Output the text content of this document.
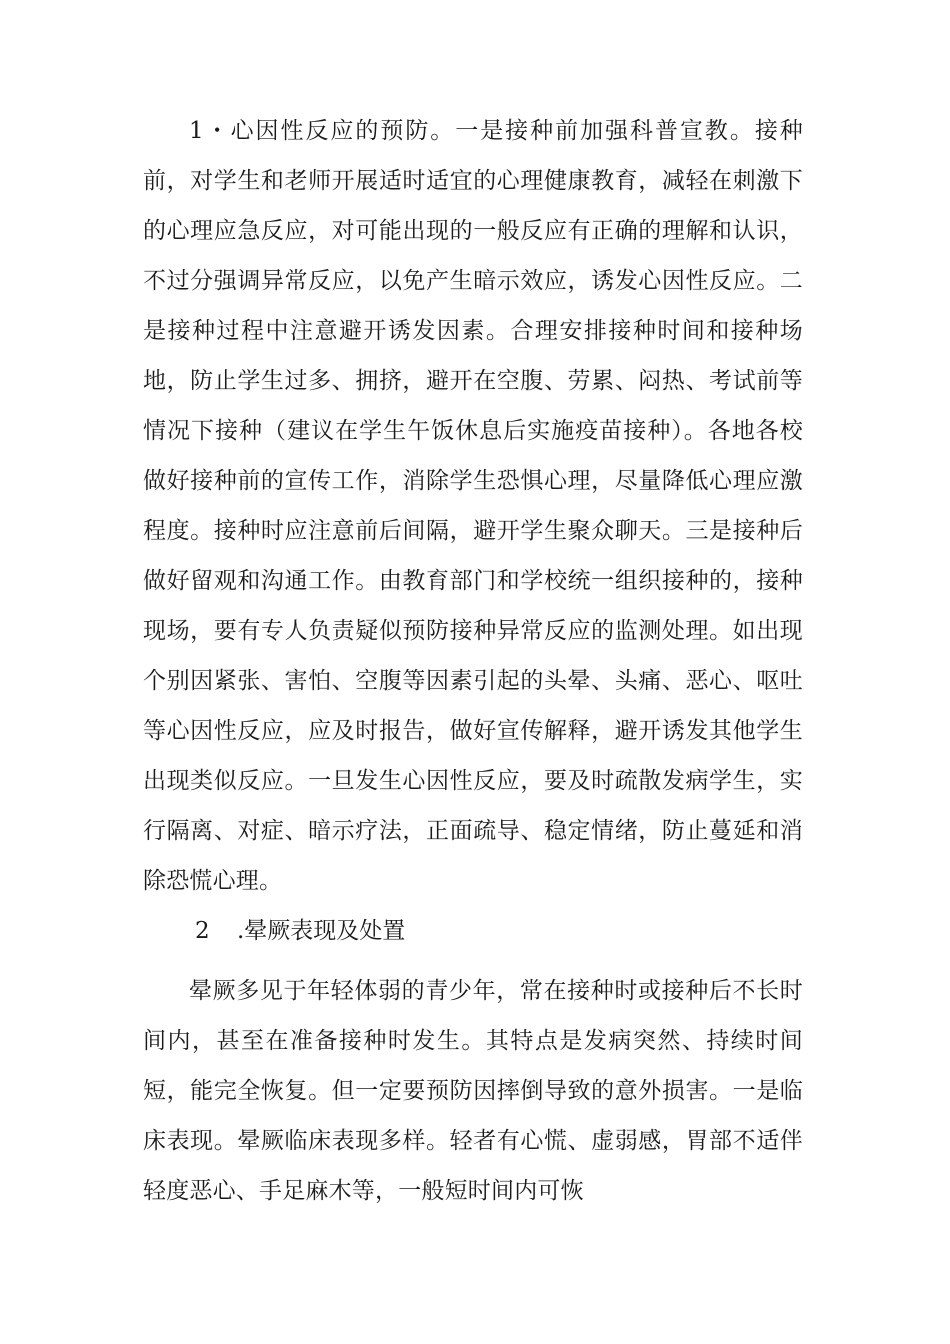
1・心因性反应的预防。一是接种前加强科普宣教。接种前，对学生和老师开展适时适宜的心理健康教育，减轻在刺激下的心理应急反应，对可能出现的一般反应有正确的理解和认识，不过分强调异常反应，以免产生暗示效应，诱发心因性反应。二是接种过程中注意避开诱发因素。合理安排接种时间和接种场地，防止学生过多、拥挤，避开在空腹、劳累、闷热、考试前等情况下接种（建议在学生午饭休息后实施疫苗接种）。各地各校做好接种前的宣传工作，消除学生恐惧心理，尽量降低心理应激程度。接种时应注意前后间隔，避开学生聚众聊天。三是接种后做好留观和沟通工作。由教育部门和学校统一组织接种的，接种现场，要有专人负责疑似预防接种异常反应的监测处理。如出现个别因紧张、害怕、空腹等因素引起的头晕、头痛、恶心、呕吐等心因性反应，应及时报告，做好宣传解释，避开诱发其他学生出现类似反应。一旦发生心因性反应，要及时疏散发病学生，实行隔离、对症、暗示疗法，正面疏导、稳定情绪，防止蔓延和消除恐慌心理。

2	.晕厥表现及处置

晕厥多见于年轻体弱的青少年，常在接种时或接种后不长时间内，甚至在准备接种时发生。其特点是发病突然、持续时间短，能完全恢复。但一定要预防因摔倒导致的意外损害。一是临床表现。晕厥临床表现多样。轻者有心慌、虚弱感，胃部不适伴轻度恶心、手足麻木等，一般短时间内可恢
